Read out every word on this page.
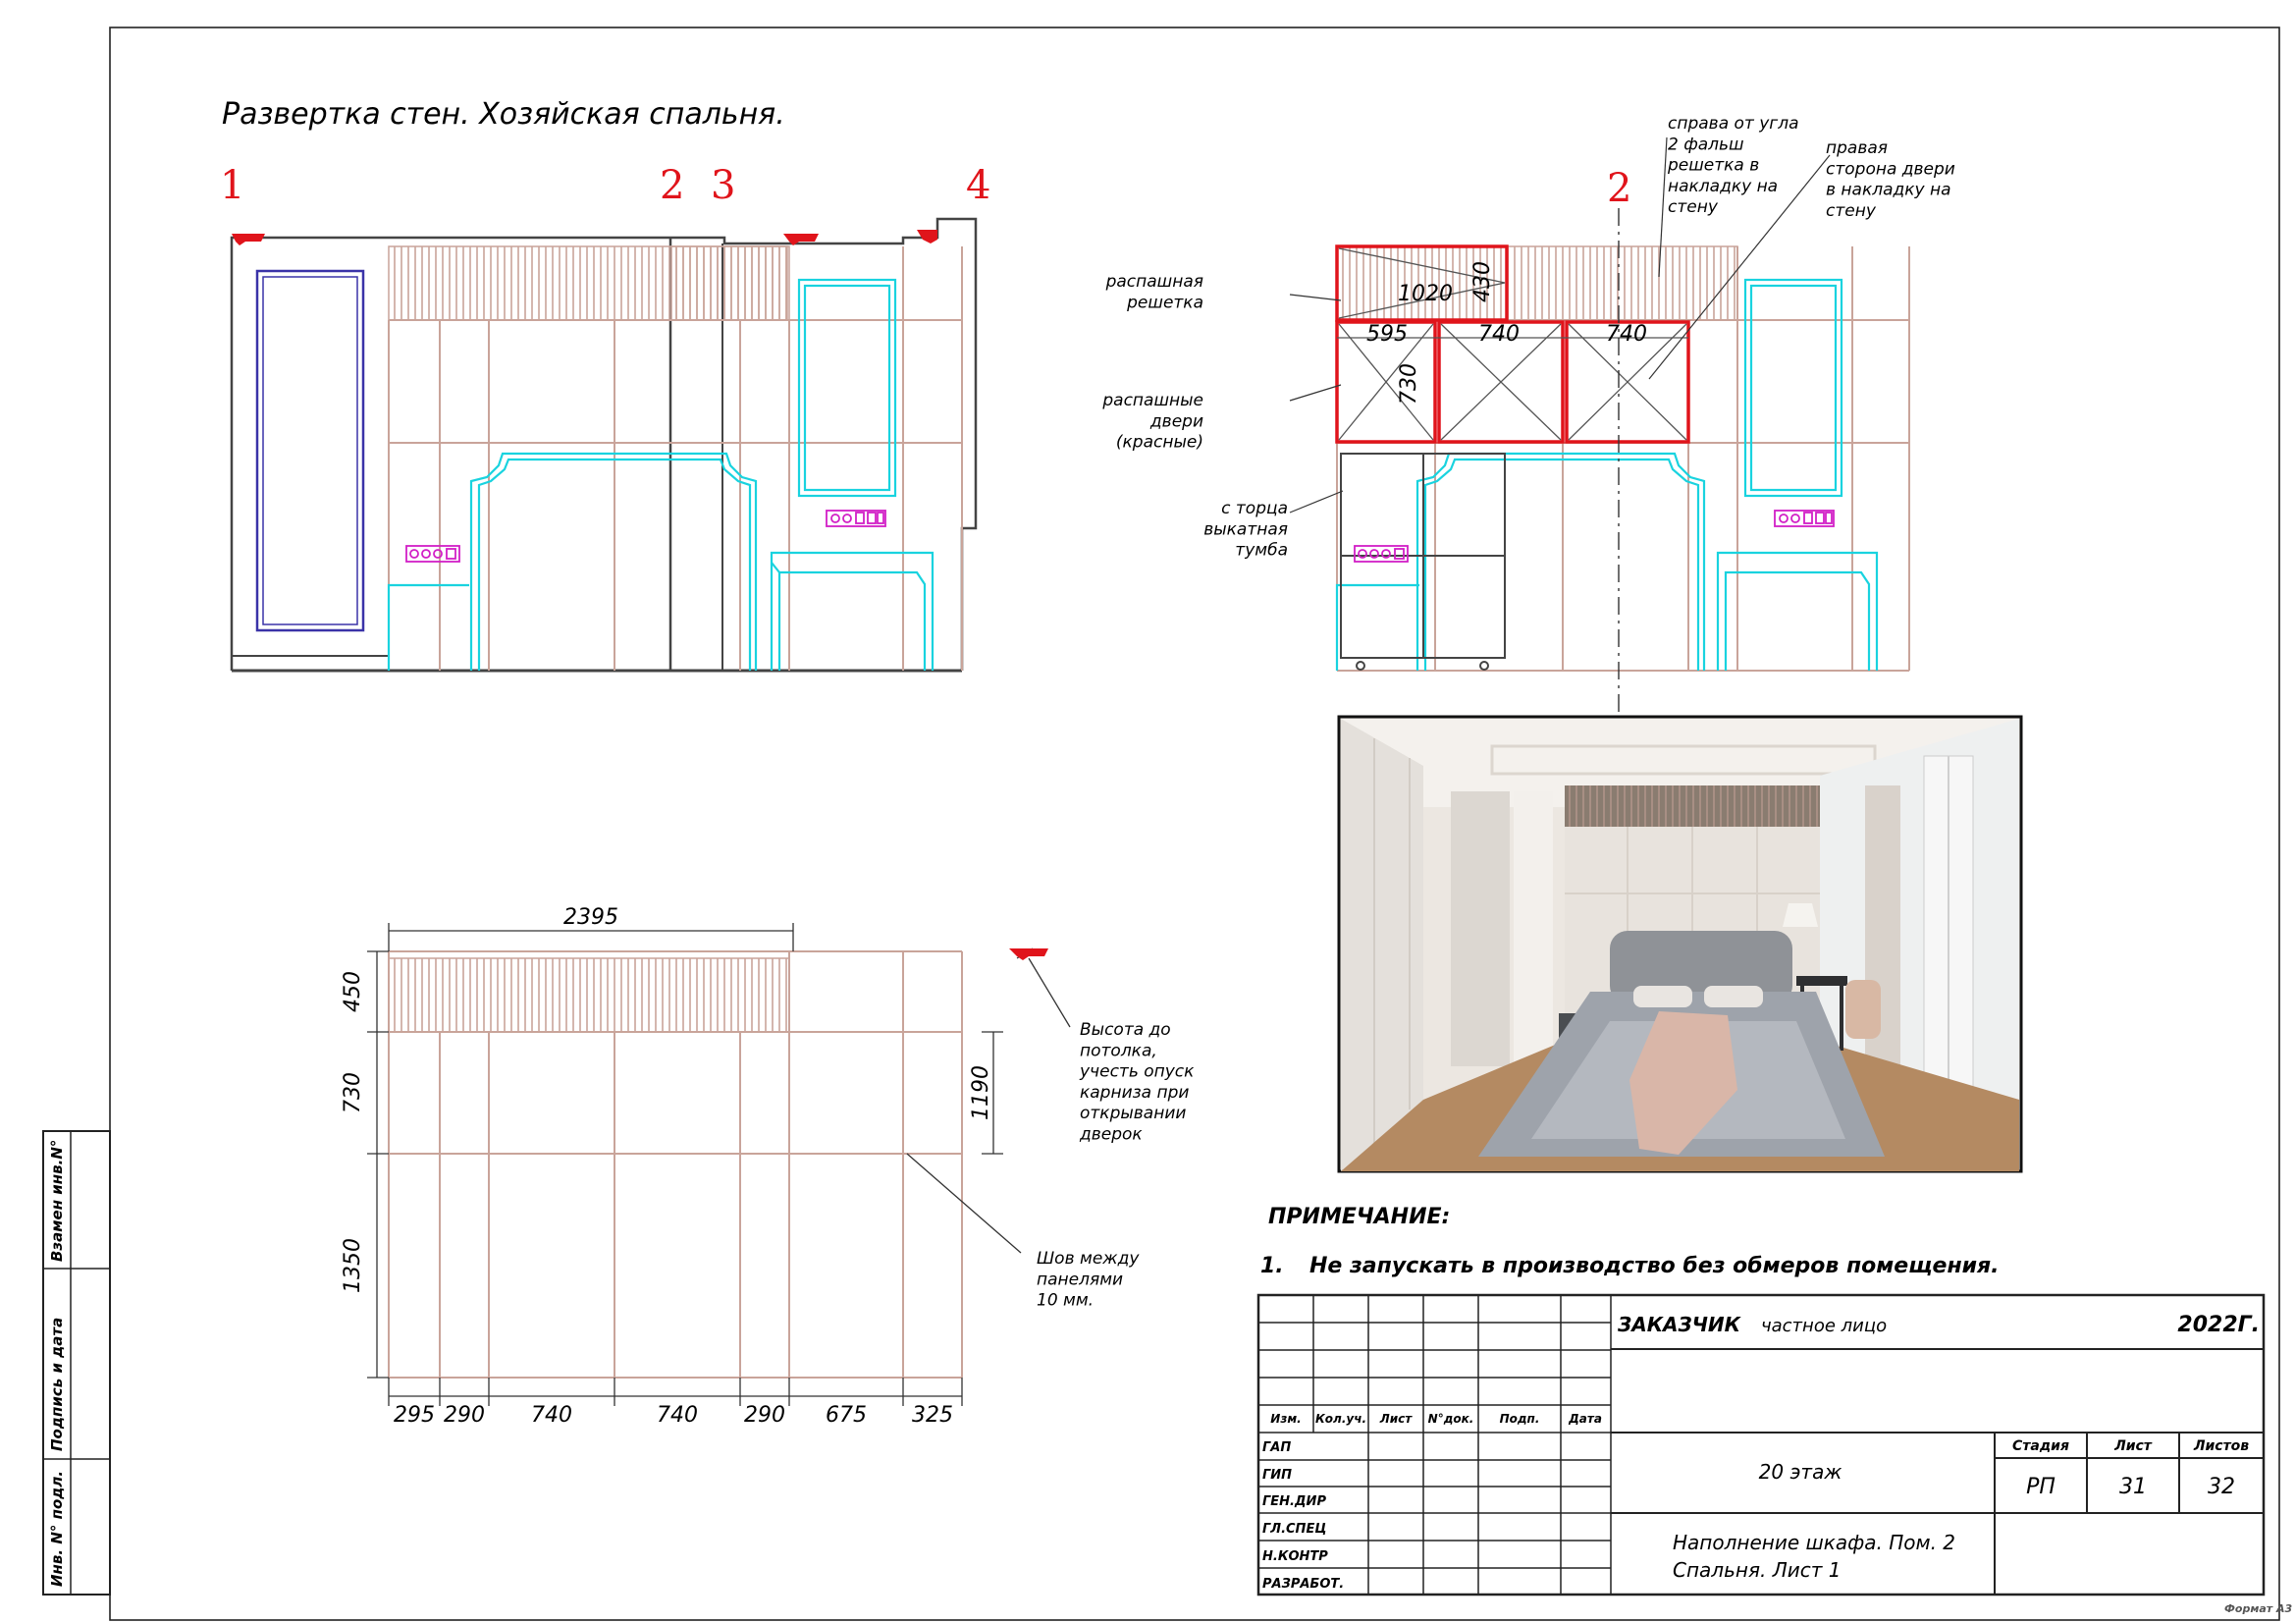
Взамен инв.N°
Подпись и дата
Инв. N° подл.
Развертка стен. Хозяйская спальня.
1	2 3	4	2
1020 430
595	740	740
730
справа от угла 2 фальш решетка в накладку на стену
правая сторона двери в накладку на стену
распашная решетка
распашные двери (красные)
с торца выкатная тумба
2395
450
730
1350
1190
295 290 740	740 290 675 325
Высота до потолка, учесть опуск карниза при открывании дверок
Шов между панелями 10 мм.
ПРИМЕЧАНИЕ:
1. Не запускать в производство без обмеров помещения.
ЗАКАЗЧИК частное лицо	2022Г.
Изм. Кол.уч. Лист N°док. Подп. Дата
ГАП
ГИП
ГЕН.ДИР
ГЛ.СПЕЦ
Н.КОНТР
РАЗРАБОТ.
20 этаж
Стадия	Лист	Листов
РП	31	32
Наполнение шкафа. Пом. 2
Спальня. Лист 1
Формат А3
